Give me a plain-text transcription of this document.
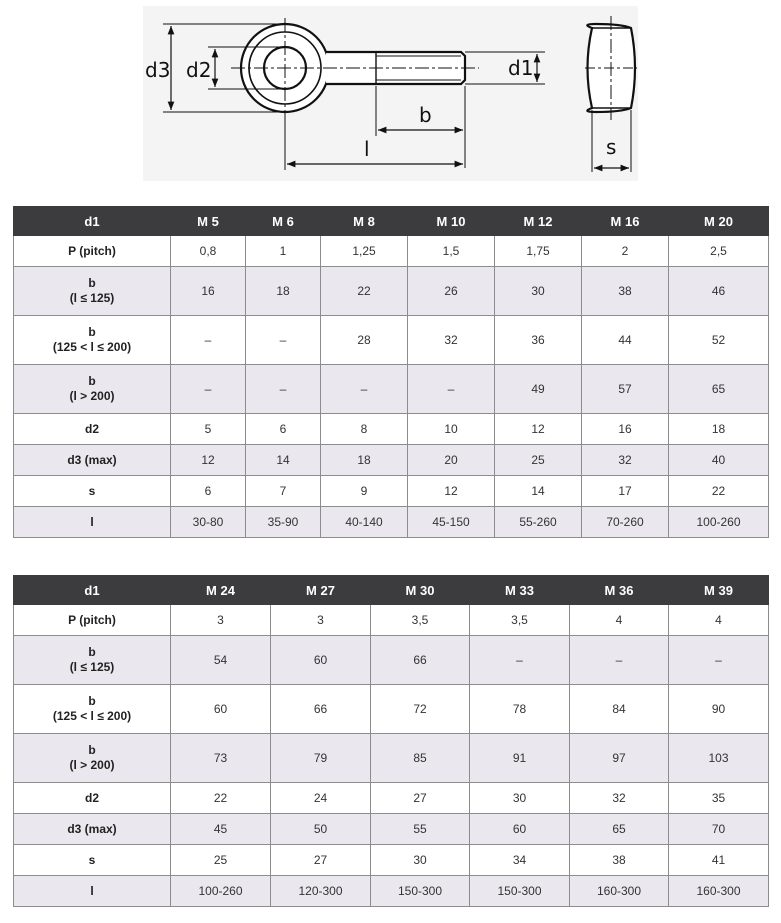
d3 d2	d1
b
l	s
d1	M 5	M 6	M 8	M 10	M 12	M 16	M 20
P (pitch)	0,8	1	1,25	1,5	1,75	2	2,5

b
(l ≤ 125)	16	18	22	26	30	38	46

b
(125 < l ≤ 200)	–	–	28	32	36	44	52

b
(l > 200)	–	–	–	–	49	57	65
d2	5	6	8	10	12	16	18
d3 (max)	12	14	18	20	25	32	40
s	6	7	9	12	14	17	22
l	30-80	35-90	40-140	45-150	55-260	70-260	100-260
d1	M 24	M 27	M 30	M 33	M 36	M 39
P (pitch)	3	3	3,5	3,5	4	4

b
(l ≤ 125)	54	60	66	–	–	–

b
(125 < l ≤ 200)	60	66	72	78	84	90

b
(l > 200)	73	79	85	91	97	103
d2	22	24	27	30	32	35
d3 (max)	45	50	55	60	65	70
s	25	27	30	34	38	41
l	100-260	120-300	150-300	150-300	160-300	160-300
